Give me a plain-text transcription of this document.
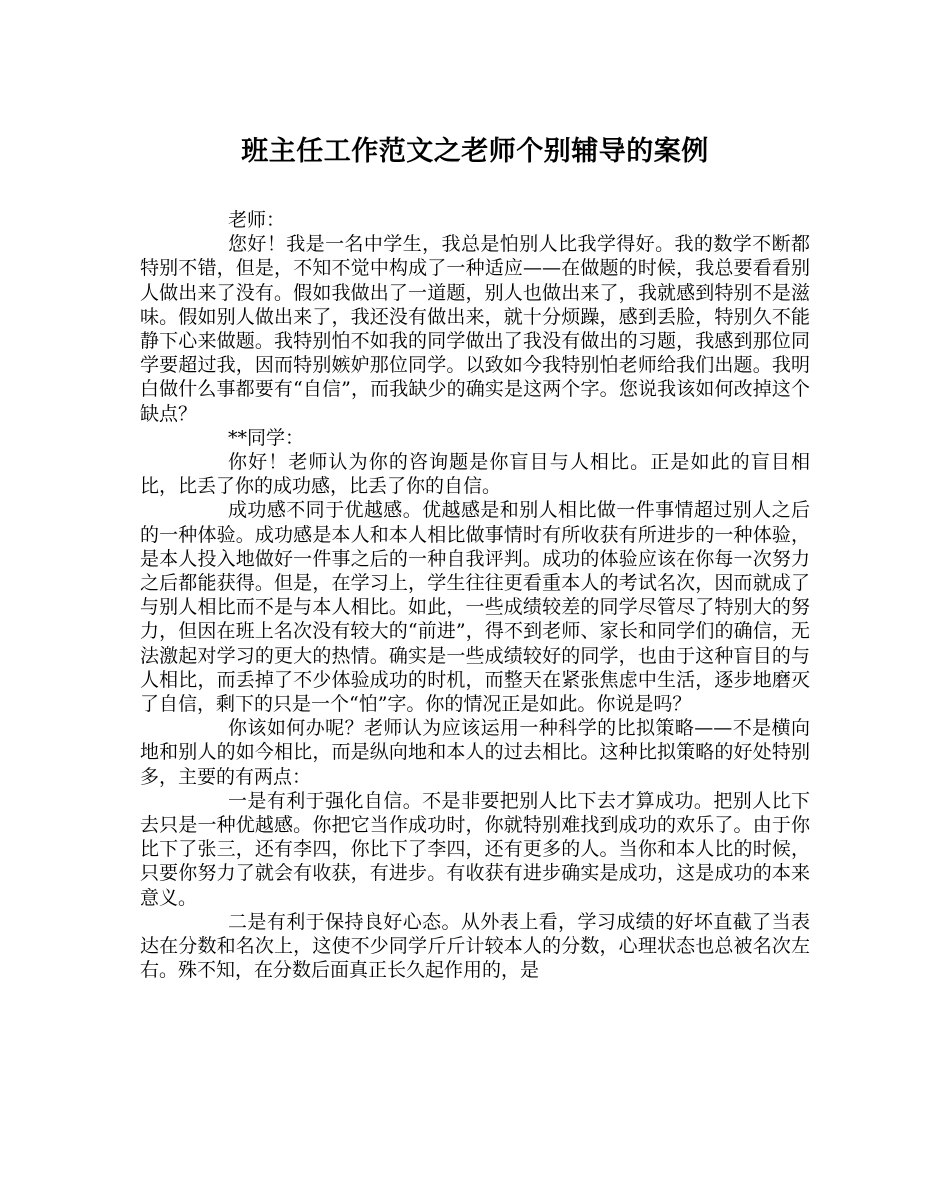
班主任工作范文之老师个别辅导的案例

老师：

您好！我是一名中学生，我总是怕别人比我学得好。我的数学不断都特别不错，但是，不知不觉中构成了一种适应——在做题的时候，我总要看看别人做出来了没有。假如我做出了一道题，别人也做出来了，我就感到特别不是滋味。假如别人做出来了，我还没有做出来，就十分烦躁，感到丢脸，特别久不能静下心来做题。我特别怕不如我的同学做出了我没有做出的习题，我感到那位同学要超过我，因而特别嫉妒那位同学。以致如今我特别怕老师给我们出题。我明白做什么事都要有“自信”，而我缺少的确实是这两个字。您说我该如何改掉这个缺点？

**同学：

你好！老师认为你的咨询题是你盲目与人相比。正是如此的盲目相比，比丢了你的成功感，比丢了你的自信。

成功感不同于优越感。优越感是和别人相比做一件事情超过别人之后的一种体验。成功感是本人和本人相比做事情时有所收获有所进步的一种体验，是本人投入地做好一件事之后的一种自我评判。成功的体验应该在你每一次努力之后都能获得。但是，在学习上，学生往往更看重本人的考试名次，因而就成了与别人相比而不是与本人相比。如此，一些成绩较差的同学尽管尽了特别大的努力，但因在班上名次没有较大的“前进”，得不到老师、家长和同学们的确信，无法激起对学习的更大的热情。确实是一些成绩较好的同学，也由于这种盲目的与人相比，而丢掉了不少体验成功的时机，而整天在紧张焦虑中生活，逐步地磨灭了自信，剩下的只是一个“怕”字。你的情况正是如此。你说是吗？

你该如何办呢？老师认为应该运用一种科学的比拟策略——不是横向地和别人的如今相比，而是纵向地和本人的过去相比。这种比拟策略的好处特别多，主要的有两点：

一是有利于强化自信。不是非要把别人比下去才算成功。把别人比下去只是一种优越感。你把它当作成功时，你就特别难找到成功的欢乐了。由于你比下了张三，还有李四，你比下了李四，还有更多的人。当你和本人比的时候，只要你努力了就会有收获，有进步。有收获有进步确实是成功，这是成功的本来意义。

二是有利于保持良好心态。从外表上看，学习成绩的好坏直截了当表达在分数和名次上，这使不少同学斤斤计较本人的分数，心理状态也总被名次左右。殊不知，在分数后面真正长久起作用的，是
